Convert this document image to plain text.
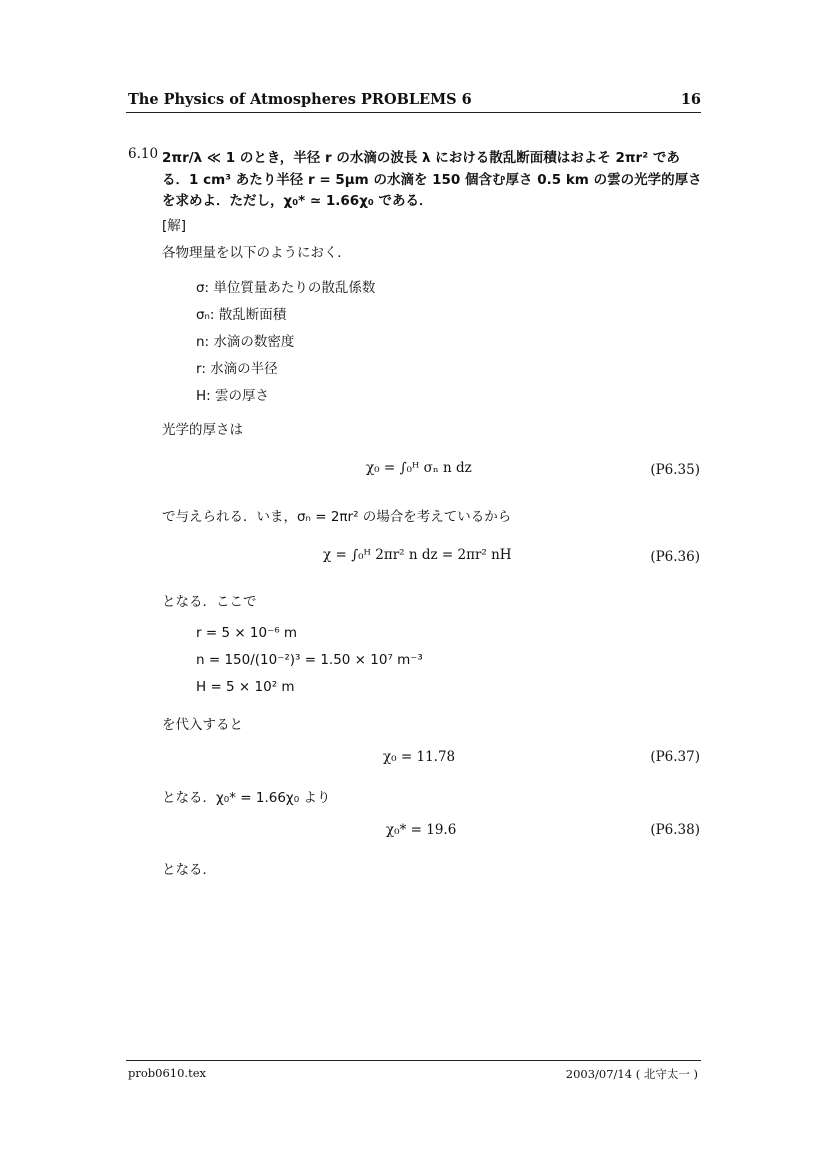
The Physics of Atmospheres PROBLEMS 6	16
6.10 2πr/λ ≪ 1 のとき，半径 r の水滴の波長 λ における散乱断面積はおよそ 2πr² であ
る．1 cm³ あたり半径 r = 5μm の水滴を 150 個含む厚さ 0.5 km の雲の光学的厚さ
を求めよ．ただし，χ₀* ≃ 1.66χ₀ である．
[解]
各物理量を以下のようにおく．
σ: 単位質量あたりの散乱係数
σₙ: 散乱断面積
n: 水滴の数密度
r: 水滴の半径
H: 雲の厚さ
光学的厚さは
χ₀ = ∫₀ᴴ σₙ n dz	(P6.35)
で与えられる．いま，σₙ = 2πr² の場合を考えているから
χ = ∫₀ᴴ 2πr² n dz = 2πr² nH	(P6.36)
となる．ここで
r = 5 × 10⁻⁶ m
n = 150/(10⁻²)³ = 1.50 × 10⁷ m⁻³
H = 5 × 10² m
を代入すると
χ₀ = 11.78	(P6.37)
となる．χ₀* = 1.66χ₀ より
χ₀* = 19.6	(P6.38)
となる．
prob0610.tex	2003/07/14 ( 北守太一 )
